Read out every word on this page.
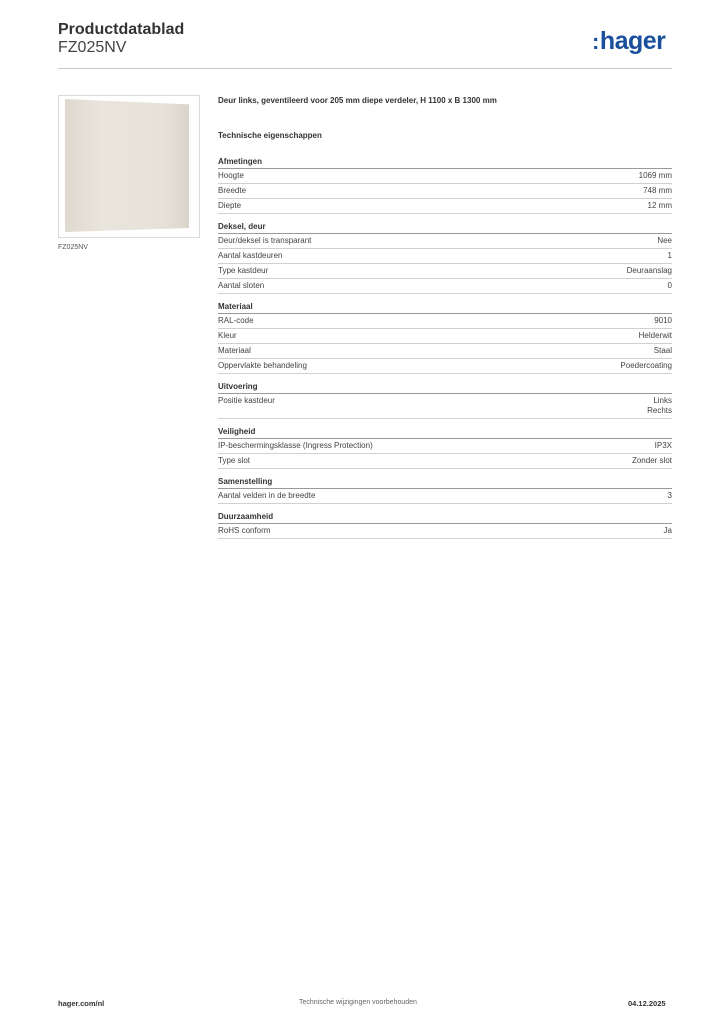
Productdatablad
FZ025NV	:hager
FZ025NV
Deur links, geventileerd voor 205 mm diepe verdeler, H 1100 x B 1300 mm
Technische eigenschappen
Afmetingen
Hoogte	1069 mm
Breedte	748 mm
Diepte	12 mm
Deksel, deur
Deur/deksel is transparant	Nee
Aantal kastdeuren	1
Type kastdeur	Deuraanslag
Aantal sloten	0
Materiaal
RAL-code	9010
Kleur	Helderwit
Materiaal	Staal
Oppervlakte behandeling	Poedercoating
Uitvoering
Positie kastdeur	Links
Rechts
Veiligheid
IP-beschermingsklasse (Ingress Protection)	IP3X
Type slot	Zonder slot
Samenstelling
Aantal velden in de breedte	3
Duurzaamheid
RoHS conform	Ja
hager.com/nl	Technische wijzigingen voorbehouden	04.12.2025
